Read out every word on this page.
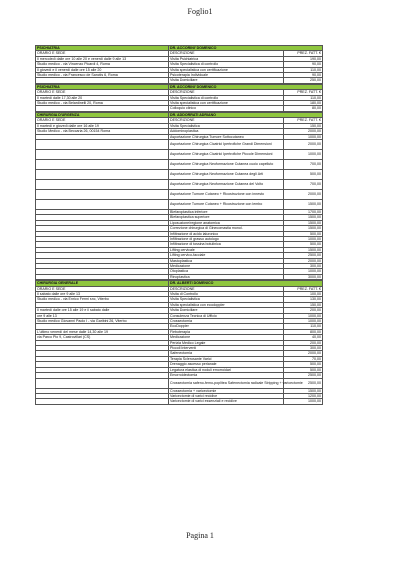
Foglio1
PSICHIATRIA	DR. ACCORINI' DOMENICO	
ORARIO E SEDE	DESCRIZIONE	PREZ. FATT. €
Il mercoledì dalle ore 10 alle 20 e venerdì dalle 9 alle 13	Visita Psichiatrica	190,00
Studio medico - via Vincenzo Picardi 4, Roma	Visita Specialistica di controllo	90,00
Il giovedì e il venerdì dalle ore 15 alle 20	Visita specialistica con certificazione	110,00
Studio medico - via Francesco de Sanctis 6, Roma	Psicoterapia Individuale	90,00
	Visita Domiciliare	250,00
PSICHIATRIA	DR. ACCORINI' DOMENICO	
ORARIO E SEDE	DESCRIZIONE	PREZ. FATT. €
Il martedì dalle 17,30 alle 20	Visita Specialistica di controllo	110,00
Studio medico - via Belardinelli 20, Roma	Visita specialistica con certificazione	180,00
	Colloquio clinico	80,00
CHIRURGIA D'URGENZA	DR. ADDORRATI ADRIANO	
ORARIO E SEDE	DESCRIZIONE	PREZ. FATT. €
Il martedì e giovedì dalle ore 16 alle 19	Visita Specialistica	150,00
Studio Medico - via Beccaria 26, 00154 Roma	Addominoplastica	2000,00
	Asportazione Chirurgica Tumore Sottocutaneo	1000,00
	Asportazione Chirurgica Cicatrici Ipertrofiche Grandi Dimensioni	2000,00
	Asportazione Chirurgica Cicatrici Ipertrofiche Piccole Dimensioni	1000,00
	Asportazione Chirurgica Neoformazione Cutanea cuoio capelluto	700,00
	Asportazione Chirurgica Neoformazione Cutanea degli Arti	500,00
	Asportazione Chirurgica Neoformazione Cutanea del Volto	700,00
	Asportazione Tumore Cutaneo + Ricostruzione con innesto	2000,00
	Asportazione Tumore Cutaneo + Ricostruzione con lembo	1500,00
	Blefaroplastica inferiore	1700,00
	Blefaroplastica superiore	1500,00
	Liposuzione/regione anatomica	1500,00
	Correzione chirurgica di Ginecomastia monol.	1500,00
	Infiltrazione di acido ialuronico	500,00
	Infiltrazione di grasso autologo	1000,00
	Infiltrazione di tossina botulinica	500,00
	Lifting cervicale	1500,00
	Lifting cervico-facciale	2500,00
	Mastoplastica	2000,00
	Medicazione	300,00
	Otoplastica	1000,00
	Rinoplastica	3000,00
CHIRURGIA GENERALE	DR. ALBERTI DOMENICO	
ORARIO E SEDE	DESCRIZIONE	PREZ. FATT. €
Il sabato dalle ore 9 alle 13	Visita di Controllo	100,00
Studio medico - via Enrico Fermi snc, Viterbo	Visita Specialistica	130,00
	Visita specialistica con ecodoppler	150,00
Il martedì dalle ore 15 alle 19 e il sabato dalle	Visita Domiciliare	200,00
ore 9 alle 13	Consulenza Tecnica di Ufficio	1000,00
Studio medico Giovanni Paolo I - via Garibini 26, Viterbo	Crossectomia	1000,00
	EcoDoppler	110,00
L'ultimo venerdì del mese dalle 14,30 alle 19	Fleboterapia	800,00
via Parco Pio 9, Castrovillari (CS)	Medicazione	40,00
	Perizia Medico Legale	200,00
	Piccoli Interventi	300,00
	Safenectomia	2000,00
	Terapia Sclerosante Varici	70,00
	Drenaggio ascesso perianale	500,00
	Legatura elastica di noduli emorroidari	500,00
	Emorroidectomia	2500,00
	Crossectomia safeno-femo-poplitea Safenectomia radicale Stripping + varicectomie	2500,00
	Crossectomia + varicectomie	1500,00
	Varicectomie di varici recidive	1200,00
	Varicectomie di varici essenziali e recidive	1000,00
Pagina 1
